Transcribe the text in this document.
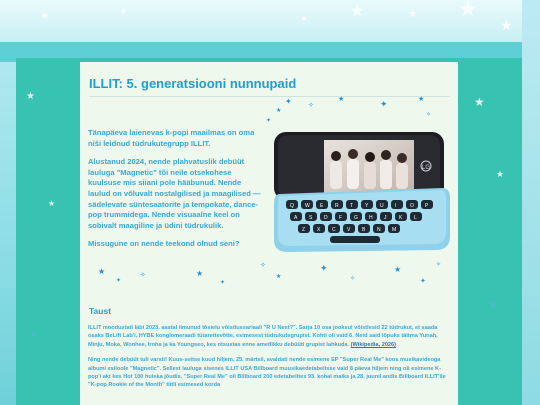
★	★
★
★
★
★	★
★
★
★
★
★
★
ILLIT: 5. generatsiooni nunnupaid
✦
★
✧
★	✦	★
✧
✦

Tänapäeva laienevas k-popi maailmas on oma niši leidnud tüdrukutegrupp ILLIT.

Alustanud 2024, nende plahvatuslik debüüt lauluga "Magnetic" tõi neile otsekohese kuulsuse mis siiani pole hääbunud. Nende laulud on võluvalt nostalgilised ja maagilised — sädelevate süntesaatorite ja tempokate, dance-pop trummidega. Nende visuaalne keel on sobivalt maagiline ja üdini tüdrukulik.

Missugune on nende teekond olnud seni?

LG
Q W E R T Y U I	O P
A S D F G H J	K L
Z X C V B N M
★
✦
✧	★
✦
✧
★
✦
✧
★
✦
✧
Taust

ILLIT moodustati läbi 2023. aastal ilmunud tõsielu võistlussariaali "R U Next?". Sarja 10 osa jooksul võistlesid 22 tüdrukut, et saada osaks BeLift Lab'i, HYBE konglomeraadi tütarettevõtte, esimesest tüdrukutegrupist. Kohti oli vaid 6. Neid said lõpuks täitma Yunah, Minju, Moka, Wonhee, Iroha ja ka Youngseo, kes otsustas enne ametlikku debüüti grupist lahkuda. (Wikipedia, 2026)

Ning nende debüüt tuli varsti! Kuus-seitse kuud hiljem, 25. märtsil, avaldati nende esimene EP "Super Real Me" koos musikavideoga albumi esiloole "Magnetic". Sellest lauluga sisenes ILLIT USA Billboard muusikaedetabelisse vaid 8 päeva hiljem ning oli esimene K-pop'i akt kes Hot 100 huiska jõudis. "Super Real Me" oli Billboard 200 edetabelites 93. kohal maiks ja 28. juunil andis Billboard ILLIT'ile "K-pop Rookie of the Month" tiitli esimesed korda
